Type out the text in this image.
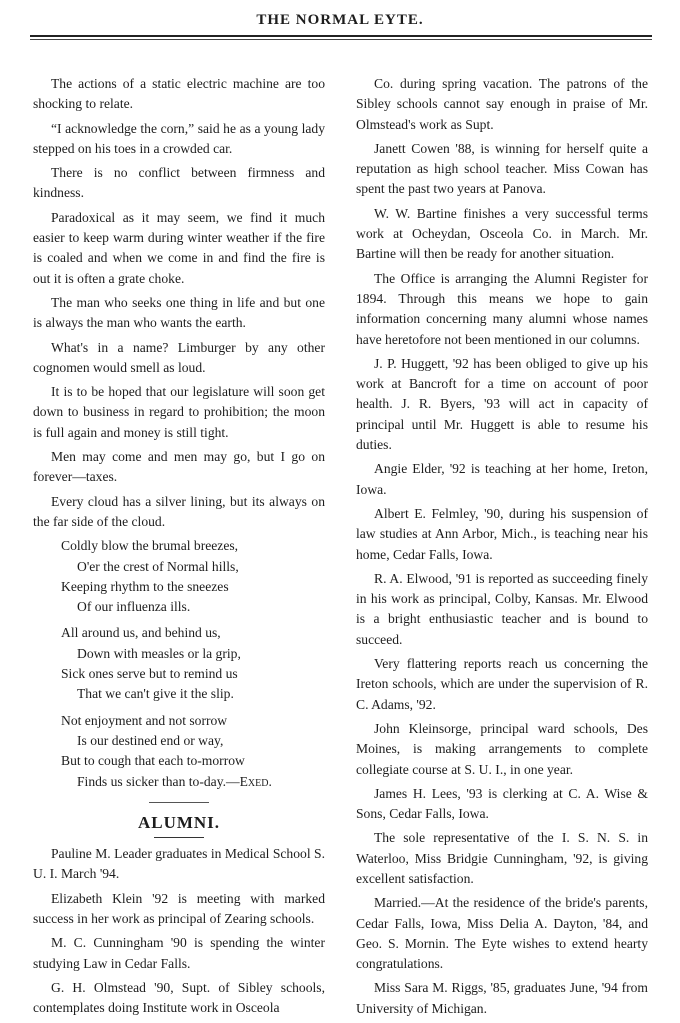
THE NORMAL EYTE.

The actions of a static electric machine are too shocking to relate.

“I acknowledge the corn,” said he as a young lady stepped on his toes in a crowded car.

There is no conflict between firmness and kindness.

Paradoxical as it may seem, we find it much easier to keep warm during winter weather if the fire is coaled and when we come in and find the fire is out it is often a grate choke.

The man who seeks one thing in life and but one is always the man who wants the earth.

What's in a name? Limburger by any other cognomen would smell as loud.

It is to be hoped that our legislature will soon get down to business in regard to prohibition; the moon is full again and money is still tight.

Men may come and men may go, but I go on forever—taxes.

Every cloud has a silver lining, but its always on the far side of the cloud.

Coldly blow the brumal breezes,
O'er the crest of Normal hills,
Keeping rhythm to the sneezes
Of our influenza ills.
All around us, and behind us,
Down with measles or la grip,
Sick ones serve but to remind us
That we can't give it the slip.
Not enjoyment and not sorrow
Is our destined end or way,
But to cough that each to-morrow
Finds us sicker than to-day.—Exed.
ALUMNI.

Pauline M. Leader graduates in Medical School S. U. I. March '94.

Elizabeth Klein '92 is meeting with marked success in her work as principal of Zearing schools.

M. C. Cunningham '90 is spending the winter studying Law in Cedar Falls.

G. H. Olmstead '90, Supt. of Sibley schools, contemplates doing Institute work in Osceola

Co. during spring vacation. The patrons of the Sibley schools cannot say enough in praise of Mr. Olmstead's work as Supt.

Janett Cowen '88, is winning for herself quite a reputation as high school teacher. Miss Cowan has spent the past two years at Panova.

W. W. Bartine finishes a very successful terms work at Ocheydan, Osceola Co. in March. Mr. Bartine will then be ready for another situation.

The Office is arranging the Alumni Register for 1894. Through this means we hope to gain information concerning many alumni whose names have heretofore not been mentioned in our columns.

J. P. Huggett, '92 has been obliged to give up his work at Bancroft for a time on account of poor health. J. R. Byers, '93 will act in capacity of principal until Mr. Huggett is able to resume his duties.

Angie Elder, '92 is teaching at her home, Ireton, Iowa.

Albert E. Felmley, '90, during his suspension of law studies at Ann Arbor, Mich., is teaching near his home, Cedar Falls, Iowa.

R. A. Elwood, '91 is reported as succeeding finely in his work as principal, Colby, Kansas. Mr. Elwood is a bright enthusiastic teacher and is bound to succeed.

Very flattering reports reach us concerning the Ireton schools, which are under the supervision of R. C. Adams, '92.

John Kleinsorge, principal ward schools, Des Moines, is making arrangements to complete collegiate course at S. U. I., in one year.

James H. Lees, '93 is clerking at C. A. Wise & Sons, Cedar Falls, Iowa.

The sole representative of the I. S. N. S. in Waterloo, Miss Bridgie Cunningham, '92, is giving excellent satisfaction.

Married.—At the residence of the bride's parents, Cedar Falls, Iowa, Miss Delia A. Dayton, '84, and Geo. S. Mornin. The Eyte wishes to extend hearty congratulations.

Miss Sara M. Riggs, '85, graduates June, '94 from University of Michigan.
